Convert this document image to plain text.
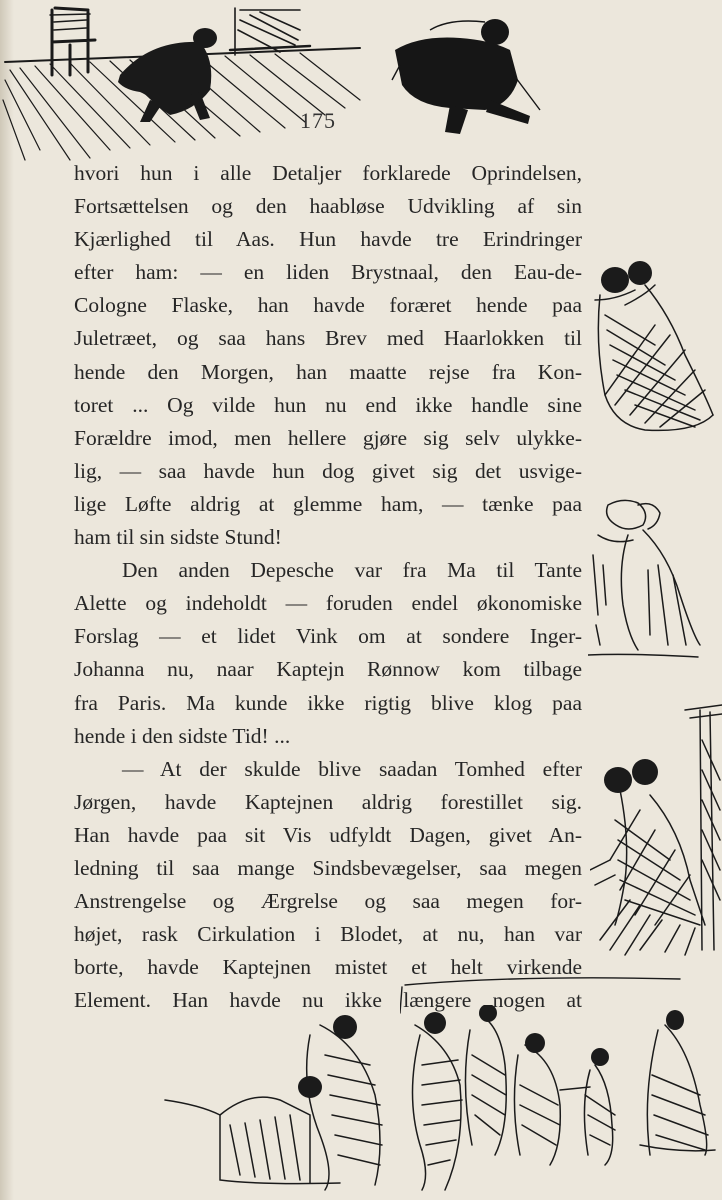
175
hvori hun i alle Detaljer forklarede Oprindelsen,
Fortsættelsen og den haabløse Udvikling af sin
Kjærlighed til Aas. Hun havde tre Erindringer
efter ham: — en liden Brystnaal, den Eau-de-
Cologne Flaske, han havde foræret hende paa
Juletræet, og saa hans Brev med Haarlokken til
hende den Morgen, han maatte rejse fra Kon-
toret ... Og vilde hun nu end ikke handle sine
Forældre imod, men hellere gjøre sig selv ulykke-
lig, — saa havde hun dog givet sig det usvige-
lige Løfte aldrig at glemme ham, — tænke paa
ham til sin sidste Stund!
Den anden Depesche var fra Ma til Tante
Alette og indeholdt — foruden endel økonomiske
Forslag — et lidet Vink om at sondere Inger-
Johanna nu, naar Kaptejn Rønnow kom tilbage
fra Paris. Ma kunde ikke rigtig blive klog paa
hende i den sidste Tid! ...
— At der skulde blive saadan Tomhed efter
Jørgen, havde Kaptejnen aldrig forestillet sig.
Han havde paa sit Vis udfyldt Dagen, givet An-
ledning til saa mange Sindsbevægelser, saa megen
Anstrengelse og Ærgrelse og saa megen for-
højet, rask Cirkulation i Blodet, at nu, han var
borte, havde Kaptejnen mistet et helt virkende
Element. Han havde nu ikke længere nogen at
